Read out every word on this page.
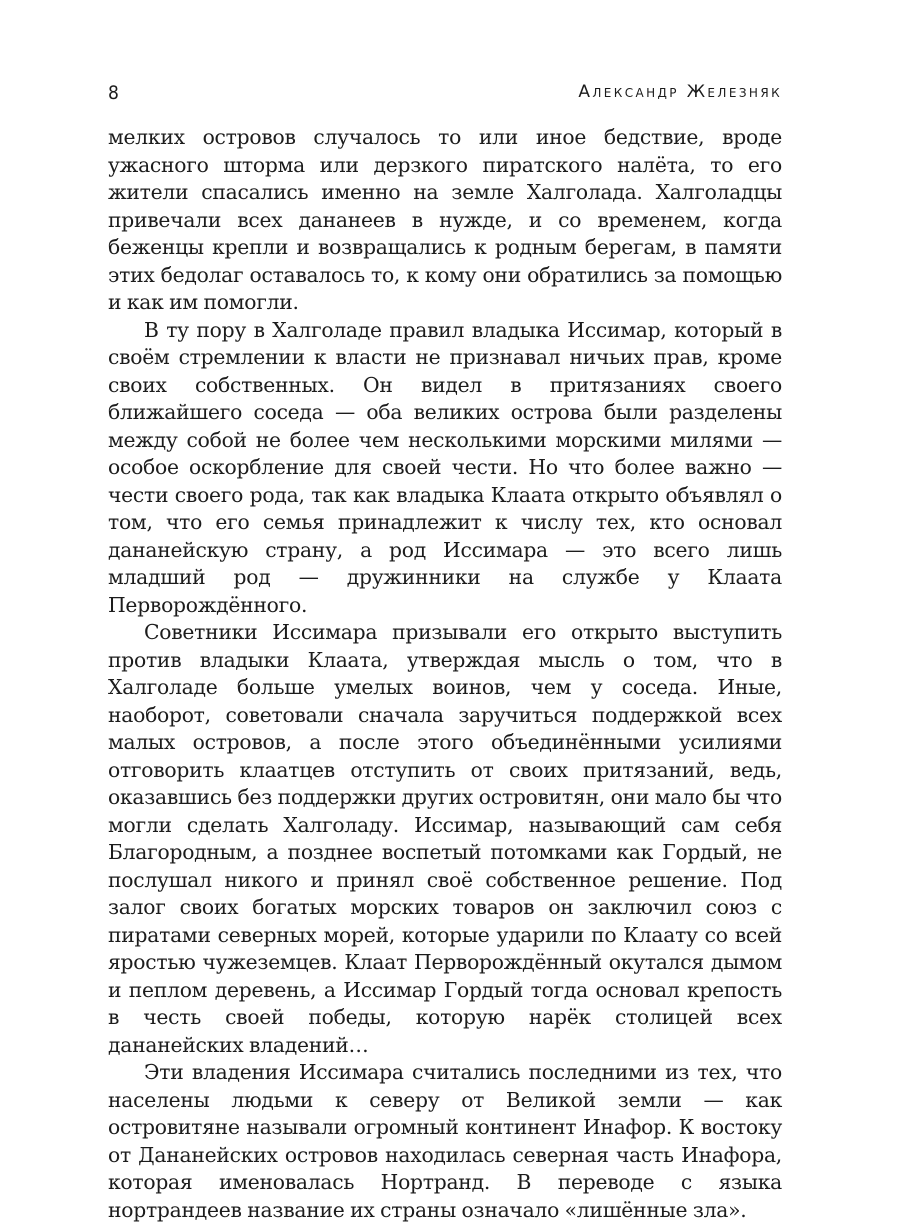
8	Александр Железняк

мелких островов случалось то или иное бедствие, вроде ужасного шторма или дерзкого пиратского налёта, то его жители спасались именно на земле Халголада. Халголадцы привечали всех дананеев в нужде, и со временем, когда беженцы крепли и возвращались к родным берегам, в памяти этих бедолаг оставалось то, к кому они обратились за помощью и как им помогли.

В ту пору в Халголаде правил владыка Иссимар, который в своём стремлении к власти не признавал ничьих прав, кроме своих собственных. Он видел в притязаниях своего ближайшего соседа — оба великих острова были разделены между собой не более чем несколькими морскими милями — особое оскорбление для своей чести. Но что более важно — чести своего рода, так как владыка Клаата открыто объявлял о том, что его семья принадлежит к числу тех, кто основал дананейскую страну, а род Иссимара — это всего лишь младший род — дружинники на службе у Клаата Перворождённого.

Советники Иссимара призывали его открыто выступить против владыки Клаата, утверждая мысль о том, что в Халголаде больше умелых воинов, чем у соседа. Иные, наоборот, советовали сначала заручиться поддержкой всех малых островов, а после этого объединёнными усилиями отговорить клаатцев отступить от своих притязаний, ведь, оказавшись без поддержки других островитян, они мало бы что могли сделать Халголаду. Иссимар, называющий сам себя Благородным, а позднее воспетый потомками как Гордый, не послушал никого и принял своё собственное решение. Под залог своих богатых морских товаров он заключил союз с пиратами северных морей, которые ударили по Клаату со всей яростью чужеземцев. Клаат Перворождённый окутался дымом и пеплом деревень, а Иссимар Гордый тогда основал крепость в честь своей победы, которую нарёк столицей всех дананейских владений…

Эти владения Иссимара считались последними из тех, что населены людьми к северу от Великой земли — как островитяне называли огромный континент Инафор. К востоку от Дананейских островов находилась северная часть Инафора, которая именовалась Нортранд. В переводе с языка нортрандеев название их страны означало «лишённые зла».
